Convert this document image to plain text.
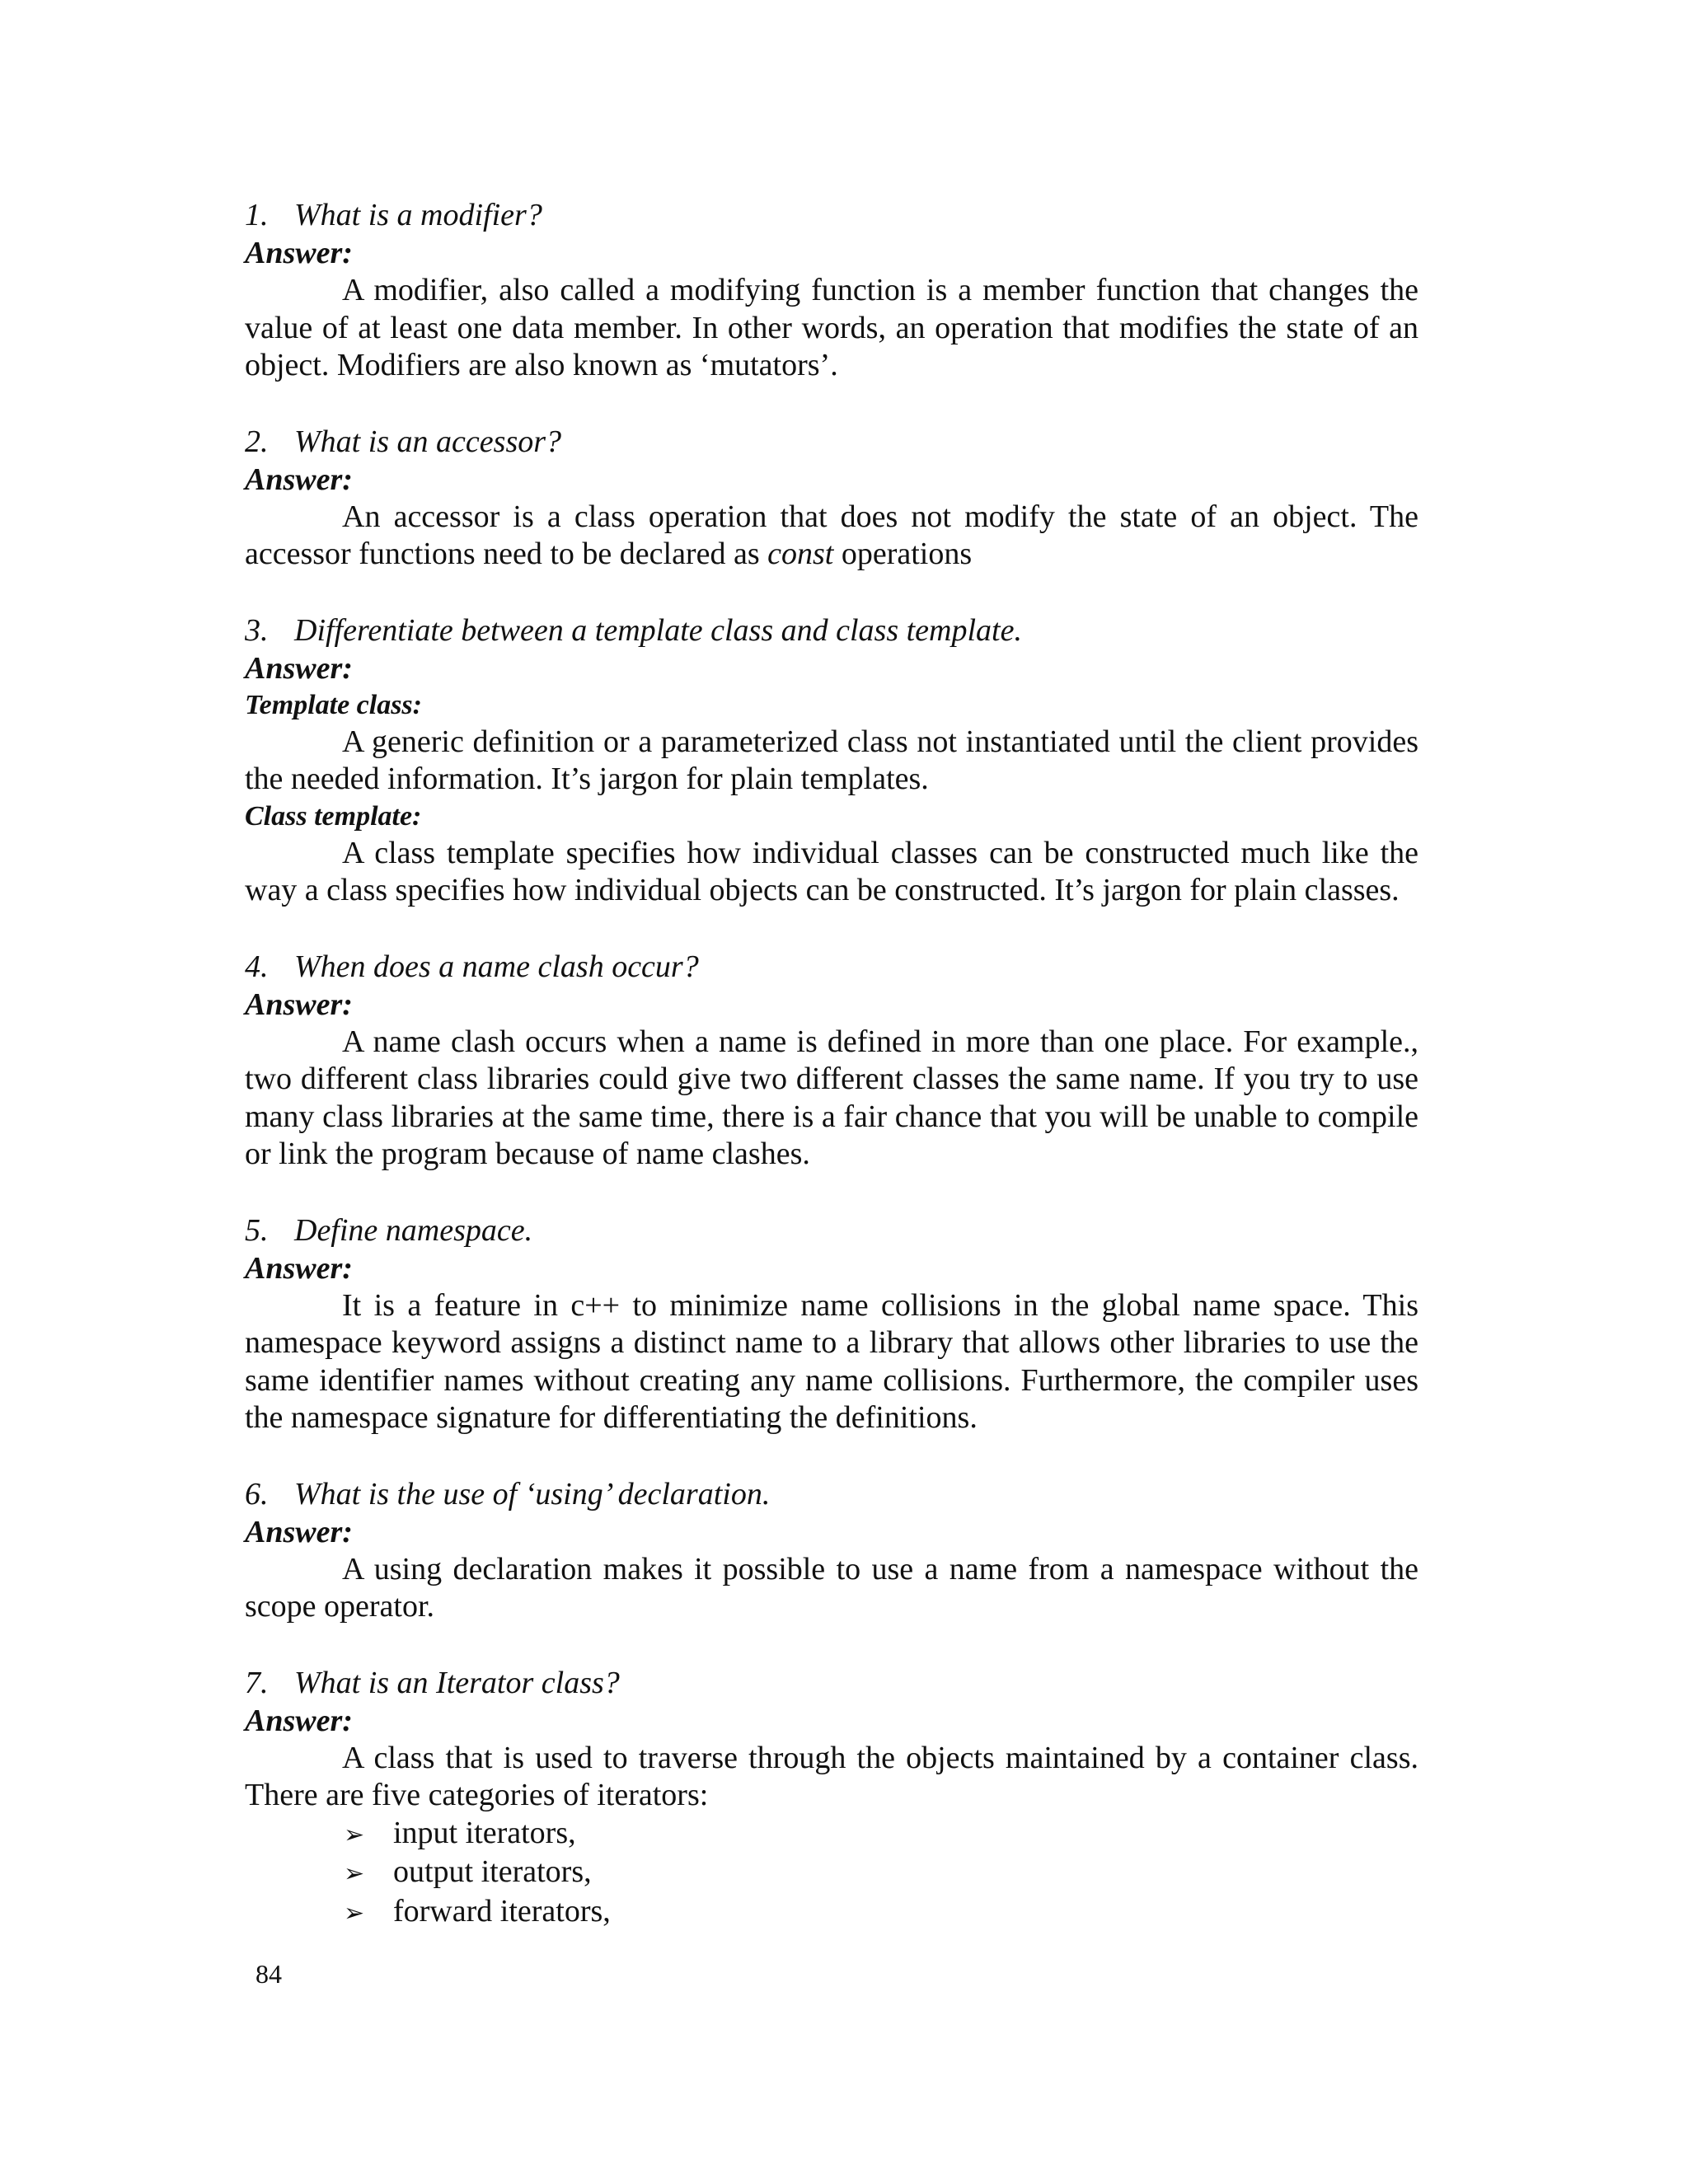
1. What is a modifier?

Answer:

A modifier, also called a modifying function is a member function that changes the value of at least one data member. In other words, an operation that modifies the state of an object. Modifiers are also known as ‘mutators’.

2. What is an accessor?

Answer:

An accessor is a class operation that does not modify the state of an object. The accessor functions need to be declared as const operations

3. Differentiate between a template class and class template.

Answer:

Template class:

A generic definition or a parameterized class not instantiated until the client provides the needed information. It’s jargon for plain templates.

Class template:

A class template specifies how individual classes can be constructed much like the way a class specifies how individual objects can be constructed. It’s jargon for plain classes.

4. When does a name clash occur?

Answer:

A name clash occurs when a name is defined in more than one place. For example., two different class libraries could give two different classes the same name. If you try to use many class libraries at the same time, there is a fair chance that you will be unable to compile or link the program because of name clashes.

5. Define namespace.

Answer:

It is a feature in c++ to minimize name collisions in the global name space. This namespace keyword assigns a distinct name to a library that allows other libraries to use the same identifier names without creating any name collisions. Furthermore, the compiler uses the namespace signature for differentiating the definitions.

6. What is the use of ‘using’ declaration.

Answer:

A using declaration makes it possible to use a name from a namespace without the scope operator.

7. What is an Iterator class?

Answer:

A class that is used to traverse through the objects maintained by a container class. There are five categories of iterators:

➢ input iterators,
➢ output iterators,
➢ forward iterators,
84
